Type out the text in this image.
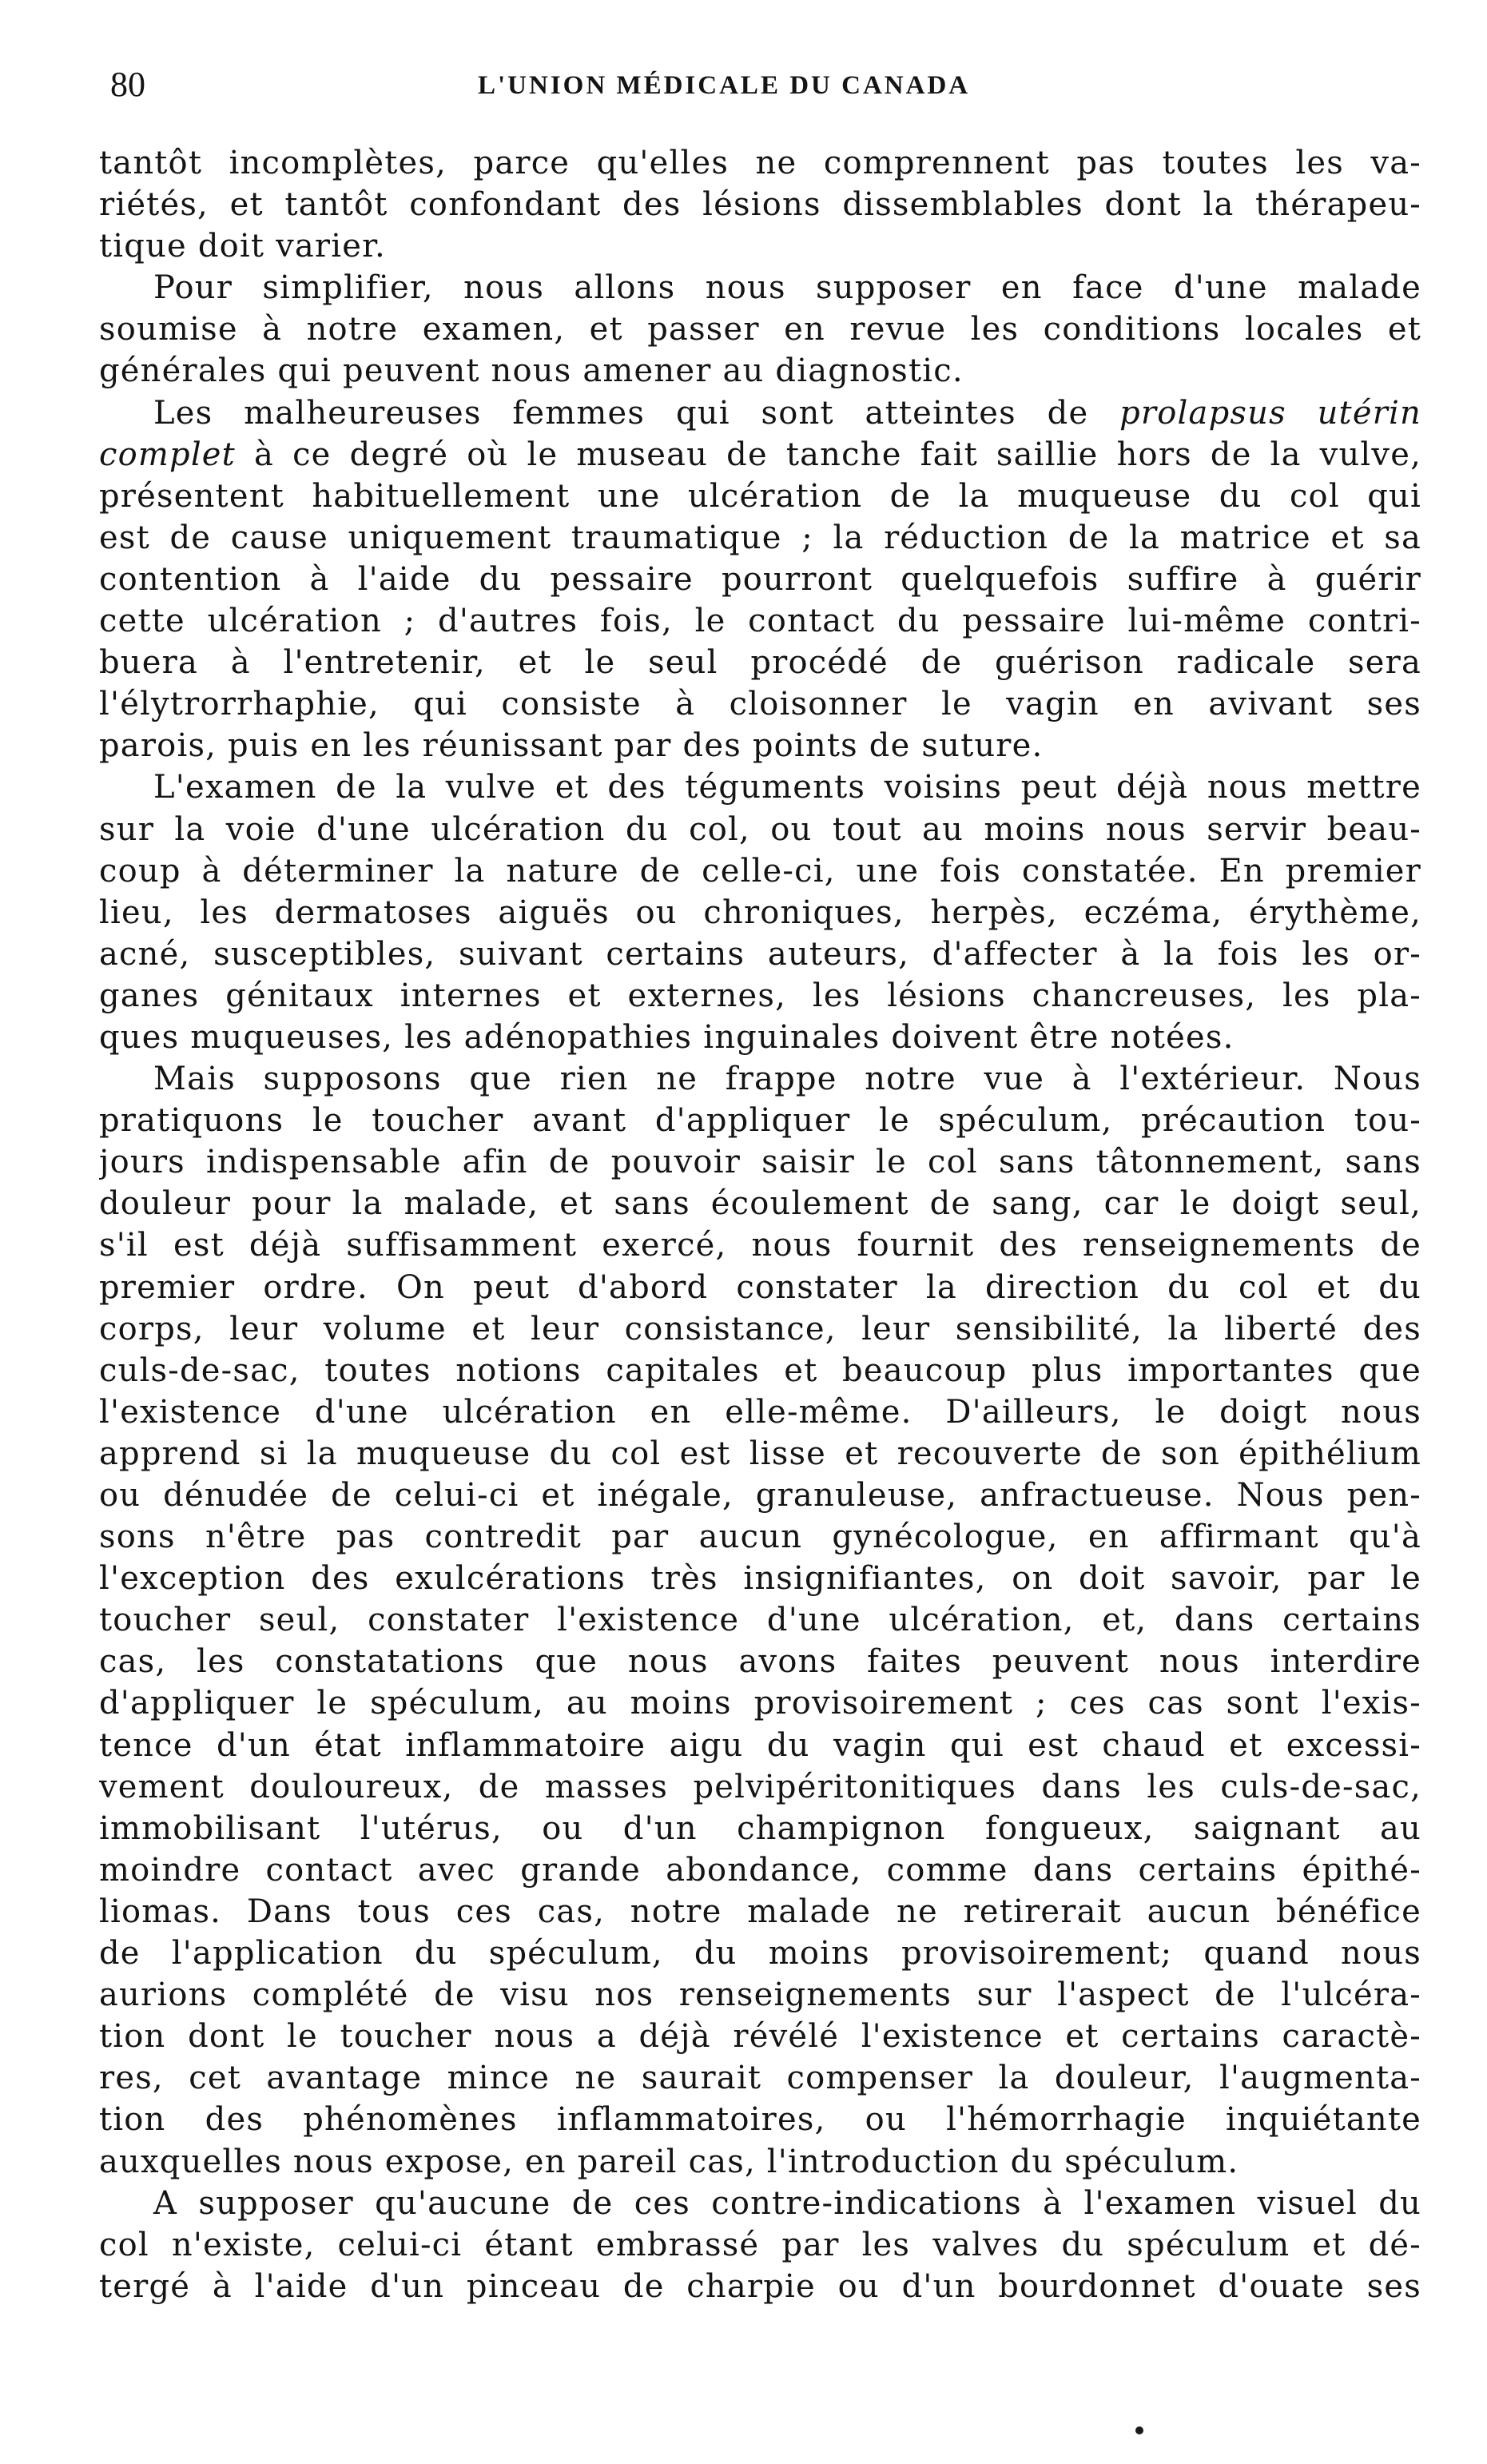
80	L'UNION MÉDICALE DU CANADA
tantôt incomplètes, parce qu'elles ne comprennent pas toutes les va-
riétés, et tantôt confondant des lésions dissemblables dont la thérapeu-
tique doit varier.
Pour simplifier, nous allons nous supposer en face d'une malade
soumise à notre examen, et passer en revue les conditions locales et
générales qui peuvent nous amener au diagnostic.
Les malheureuses femmes qui sont atteintes de prolapsus utérin
complet à ce degré où le museau de tanche fait saillie hors de la vulve,
présentent habituellement une ulcération de la muqueuse du col qui
est de cause uniquement traumatique ; la réduction de la matrice et sa
contention à l'aide du pessaire pourront quelquefois suffire à guérir
cette ulcération ; d'autres fois, le contact du pessaire lui-même contri-
buera à l'entretenir, et le seul procédé de guérison radicale sera
l'élytrorrhaphie, qui consiste à cloisonner le vagin en avivant ses
parois, puis en les réunissant par des points de suture.
L'examen de la vulve et des téguments voisins peut déjà nous mettre
sur la voie d'une ulcération du col, ou tout au moins nous servir beau-
coup à déterminer la nature de celle-ci, une fois constatée. En premier
lieu, les dermatoses aiguës ou chroniques, herpès, eczéma, érythème,
acné, susceptibles, suivant certains auteurs, d'affecter à la fois les or-
ganes génitaux internes et externes, les lésions chancreuses, les pla-
ques muqueuses, les adénopathies inguinales doivent être notées.
Mais supposons que rien ne frappe notre vue à l'extérieur. Nous
pratiquons le toucher avant d'appliquer le spéculum, précaution tou-
jours indispensable afin de pouvoir saisir le col sans tâtonnement, sans
douleur pour la malade, et sans écoulement de sang, car le doigt seul,
s'il est déjà suffisamment exercé, nous fournit des renseignements de
premier ordre. On peut d'abord constater la direction du col et du
corps, leur volume et leur consistance, leur sensibilité, la liberté des
culs-de-sac, toutes notions capitales et beaucoup plus importantes que
l'existence d'une ulcération en elle-même. D'ailleurs, le doigt nous
apprend si la muqueuse du col est lisse et recouverte de son épithélium
ou dénudée de celui-ci et inégale, granuleuse, anfractueuse. Nous pen-
sons n'être pas contredit par aucun gynécologue, en affirmant qu'à
l'exception des exulcérations très insignifiantes, on doit savoir, par le
toucher seul, constater l'existence d'une ulcération, et, dans certains
cas, les constatations que nous avons faites peuvent nous interdire
d'appliquer le spéculum, au moins provisoirement ; ces cas sont l'exis-
tence d'un état inflammatoire aigu du vagin qui est chaud et excessi-
vement douloureux, de masses pelvipéritonitiques dans les culs-de-sac,
immobilisant l'utérus, ou d'un champignon fongueux, saignant au
moindre contact avec grande abondance, comme dans certains épithé-
liomas. Dans tous ces cas, notre malade ne retirerait aucun bénéfice
de l'application du spéculum, du moins provisoirement; quand nous
aurions complété de visu nos renseignements sur l'aspect de l'ulcéra-
tion dont le toucher nous a déjà révélé l'existence et certains caractè-
res, cet avantage mince ne saurait compenser la douleur, l'augmenta-
tion des phénomènes inflammatoires, ou l'hémorrhagie inquiétante
auxquelles nous expose, en pareil cas, l'introduction du spéculum.
A supposer qu'aucune de ces contre-indications à l'examen visuel du
col n'existe, celui-ci étant embrassé par les valves du spéculum et dé-
tergé à l'aide d'un pinceau de charpie ou d'un bourdonnet d'ouate ses
